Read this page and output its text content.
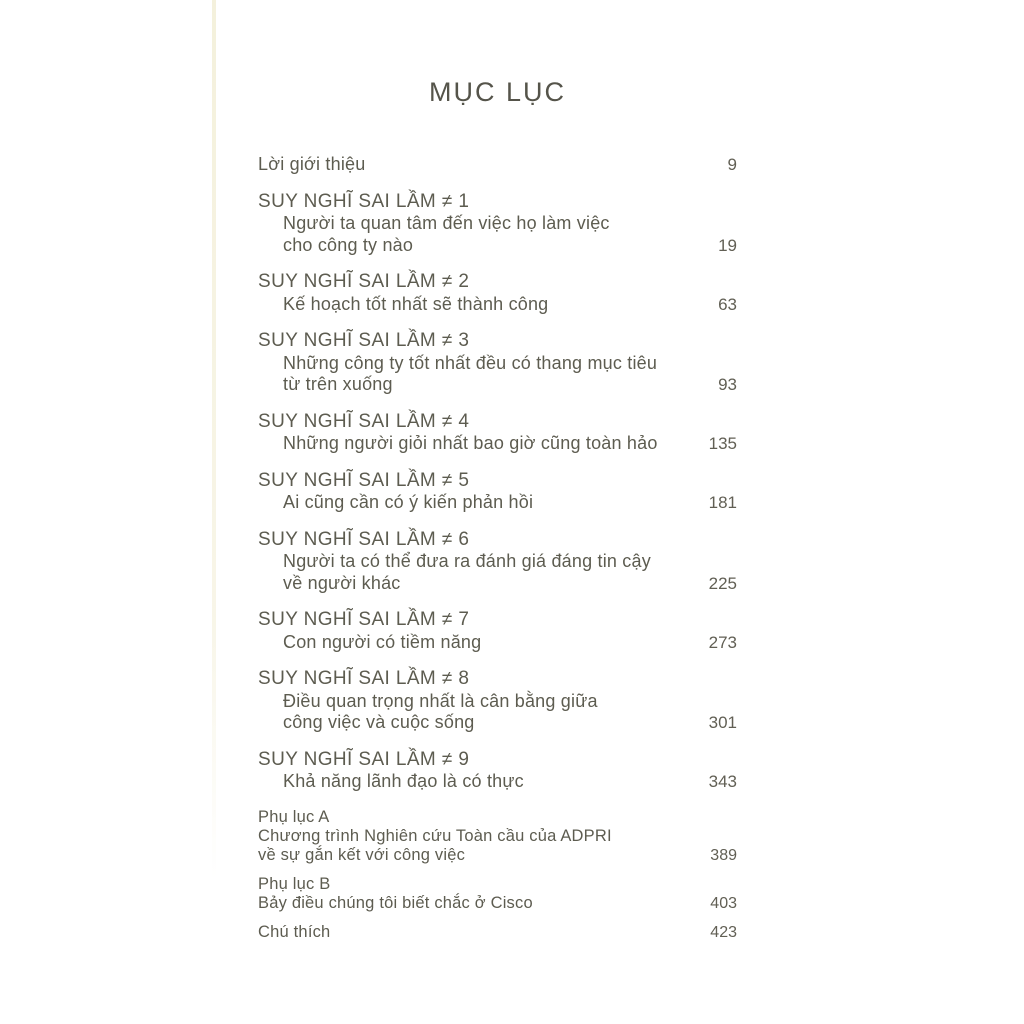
MỤC LỤC
Lời giới thiệu	9
SUY NGHĨ SAI LẦM ≠ 1
Người ta quan tâm đến việc họ làm việc
cho công ty nào	19
SUY NGHĨ SAI LẦM ≠ 2
Kế hoạch tốt nhất sẽ thành công	63
SUY NGHĨ SAI LẦM ≠ 3
Những công ty tốt nhất đều có thang mục tiêu
từ trên xuống	93
SUY NGHĨ SAI LẦM ≠ 4
Những người giỏi nhất bao giờ cũng toàn hảo	135
SUY NGHĨ SAI LẦM ≠ 5
Ai cũng cần có ý kiến phản hồi	181
SUY NGHĨ SAI LẦM ≠ 6
Người ta có thể đưa ra đánh giá đáng tin cậy
về người khác	225
SUY NGHĨ SAI LẦM ≠ 7
Con người có tiềm năng	273
SUY NGHĨ SAI LẦM ≠ 8
Điều quan trọng nhất là cân bằng giữa
công việc và cuộc sống	301
SUY NGHĨ SAI LẦM ≠ 9
Khả năng lãnh đạo là có thực	343
Phụ lục A
Chương trình Nghiên cứu Toàn cầu của ADPRI
về sự gắn kết với công việc	389
Phụ lục B
Bảy điều chúng tôi biết chắc ở Cisco	403
Chú thích	423
